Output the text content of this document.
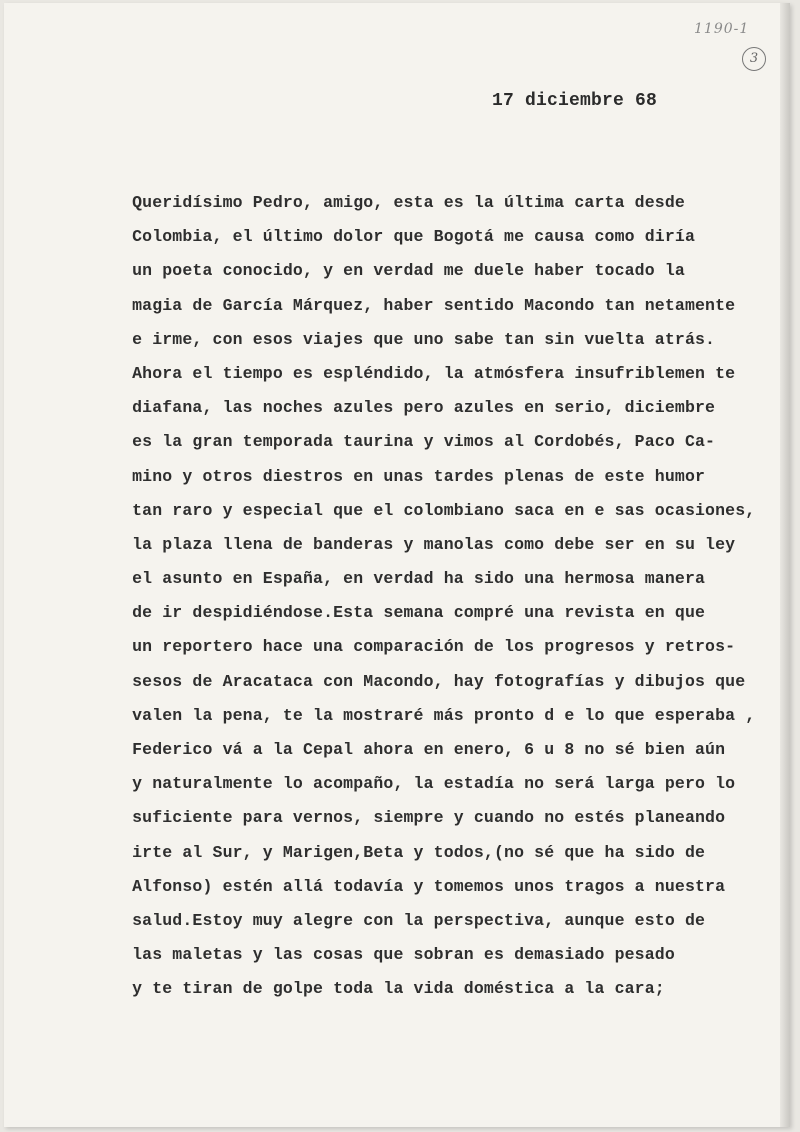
1190-1
3
17 diciembre 68
Queridísimo Pedro, amigo, esta es la última carta desde
Colombia, el último dolor que Bogotá me causa como diría
un poeta conocido, y en verdad me duele haber tocado la
magia de García Márquez, haber sentido Macondo tan netamente
e irme, con esos viajes que uno sabe tan sin vuelta atrás.
Ahora el tiempo es espléndido, la atmósfera insufriblemen te
diafana, las noches azules pero azules en serio, diciembre
es la gran temporada taurina y vimos al Cordobés, Paco Ca-
mino y otros diestros en unas tardes plenas de este humor
tan raro y especial que el colombiano saca en e sas ocasiones,
la plaza llena de banderas y manolas como debe ser en su ley
el asunto en España, en verdad ha sido una hermosa manera
de ir despidiéndose.Esta semana compré una revista en que
un reportero hace una comparación de los progresos y retros-
sesos de Aracataca con Macondo, hay fotografías y dibujos que
valen la pena, te la mostraré más pronto d e lo que esperaba ,
Federico vá a la Cepal ahora en enero, 6 u 8 no sé bien aún
y naturalmente lo acompaño, la estadía no será larga pero lo
suficiente para vernos, siempre y cuando no estés planeando
irte al Sur, y Marigen,Beta y todos,(no sé que ha sido de
Alfonso) estén allá todavía y tomemos unos tragos a nuestra
salud.Estoy muy alegre con la perspectiva, aunque esto de
las maletas y las cosas que sobran es demasiado pesado
y te tiran de golpe toda la vida doméstica a la cara;
